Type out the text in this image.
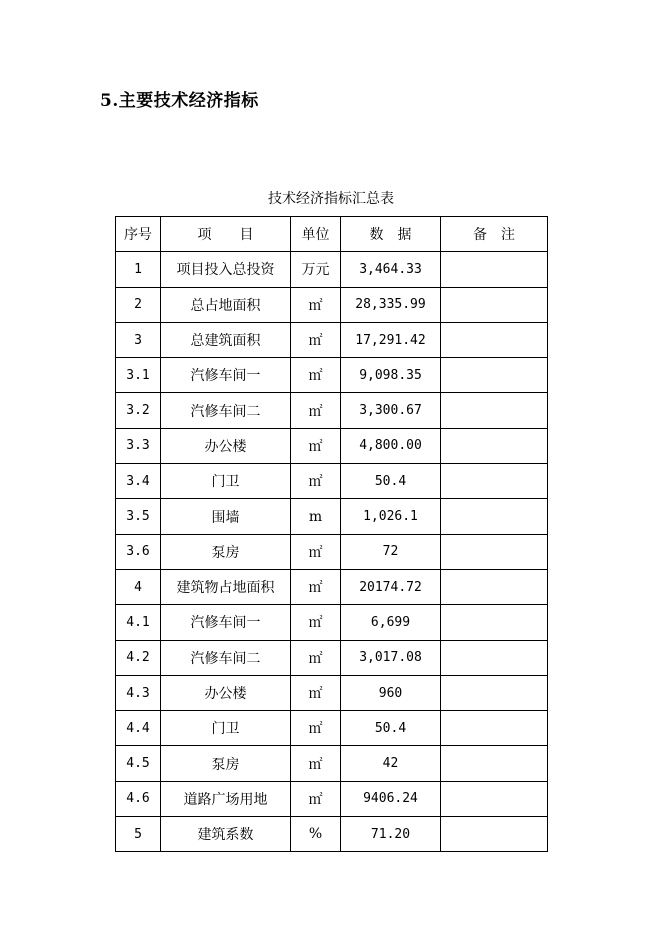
5.主要技术经济指标

技术经济指标汇总表

序号	项　　目	单位	数　据	备　注
1	项目投入总投资	万元	3,464.33	
2	总占地面积	㎡	28,335.99	
3	总建筑面积	㎡	17,291.42	
3.1	汽修车间一	㎡	9,098.35	
3.2	汽修车间二	㎡	3,300.67	
3.3	办公楼	㎡	4,800.00	
3.4	门卫	㎡	50.4	
3.5	围墙	m	1,026.1	
3.6	泵房	㎡	72	
4	建筑物占地面积	㎡	20174.72	
4.1	汽修车间一	㎡	6,699	
4.2	汽修车间二	㎡	3,017.08	
4.3	办公楼	㎡	960	
4.4	门卫	㎡	50.4	
4.5	泵房	㎡	42	
4.6	道路广场用地	㎡	9406.24	
5	建筑系数	%	71.20	
